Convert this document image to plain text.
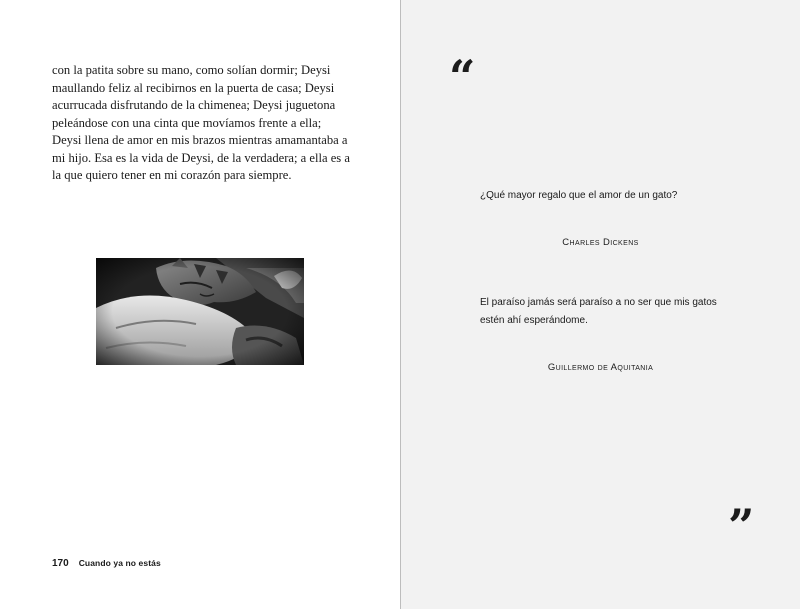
con la patita sobre su mano, como solían dormir; Deysi maullando feliz al recibirnos en la puerta de casa; Deysi acurrucada disfrutando de la chimenea; Deysi juguetona peleándose con una cinta que movíamos frente a ella; Deysi llena de amor en mis brazos mientras amamantaba a mi hijo. Esa es la vida de Deysi, de la verdadera; a ella es a la que quiero tener en mi corazón para siempre.

170 Cuando ya no estás
“

¿Qué mayor regalo que el amor de un gato?

Charles Dickens

El paraíso jamás será paraíso a no ser que mis gatos estén ahí esperándome.

Guillermo de Aquitania
”
